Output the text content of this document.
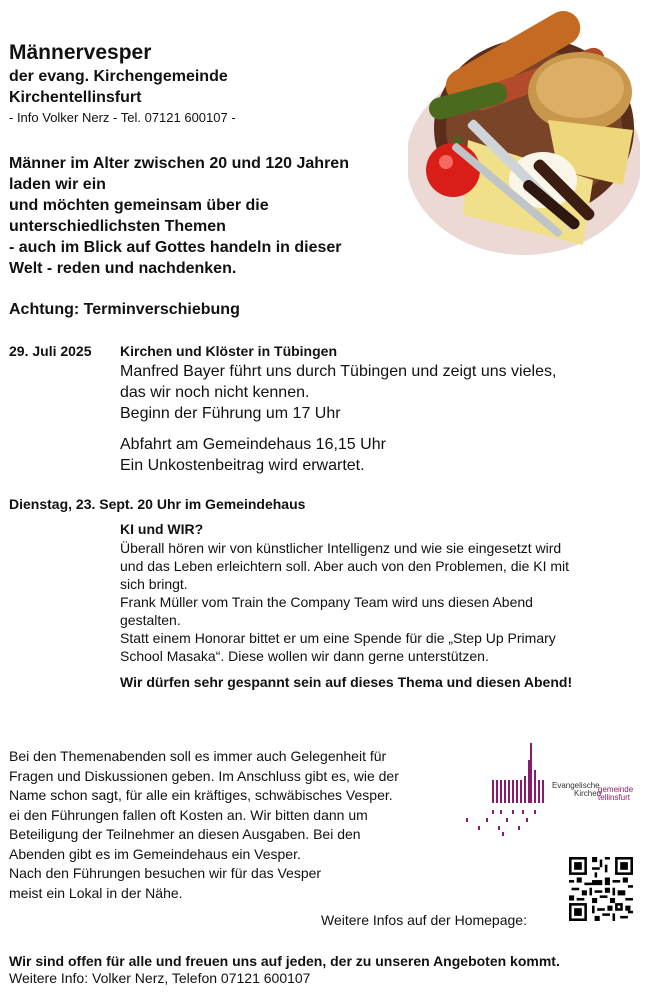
Männervesper
der evang. Kirchengemeinde
Kirchentellinsfurt
- Info Volker Nerz - Tel. 07121 600107 -
Männer im Alter zwischen 20 und 120 Jahren
laden wir ein
und möchten gemeinsam über die
unterschiedlichsten Themen
- auch im Blick auf Gottes handeln in dieser
Welt - reden und nachdenken.
Achtung: Terminverschiebung
29. Juli 2025 Kirchen und Klöster in Tübingen
Manfred Bayer führt uns durch Tübingen und zeigt uns vieles,
das wir noch nicht kennen.
Beginn der Führung um 17 Uhr
Abfahrt am Gemeindehaus 16,15 Uhr
Ein Unkostenbeitrag wird erwartet.
Dienstag, 23. Sept. 20 Uhr im Gemeindehaus
KI und WIR?
Überall hören wir von künstlicher Intelligenz und wie sie eingesetzt wird
und das Leben erleichtern soll. Aber auch von den Problemen, die KI mit
sich bringt.
Frank Müller vom Train the Company Team wird uns diesen Abend
gestalten.
Statt einem Honorar bittet er um eine Spende für die „Step Up Primary
School Masaka“. Diese wollen wir dann gerne unterstützen.
Wir dürfen sehr gespannt sein auf dieses Thema und diesen Abend!
Bei den Themenabenden soll es immer auch Gelegenheit für
Fragen und Diskussionen geben. Im Anschluss gibt es, wie der
Name schon sagt, für alle ein kräftiges, schwäbisches Vesper.
ei den Führungen fallen oft Kosten an. Wir bitten dann um
Beteiligung der Teilnehmer an diesen Ausgaben. Bei den
Abenden gibt es im Gemeindehaus ein Vesper.
Nach den Führungen besuchen wir für das Vesper
meist ein Lokal in der Nähe.
Evangelische
gemeinde
Kirchen
tellinsfurt
Weitere Infos auf der Homepage:
Wir sind offen für alle und freuen uns auf jeden, der zu unseren Angeboten kommt.
Weitere Info: Volker Nerz, Telefon 07121 600107
